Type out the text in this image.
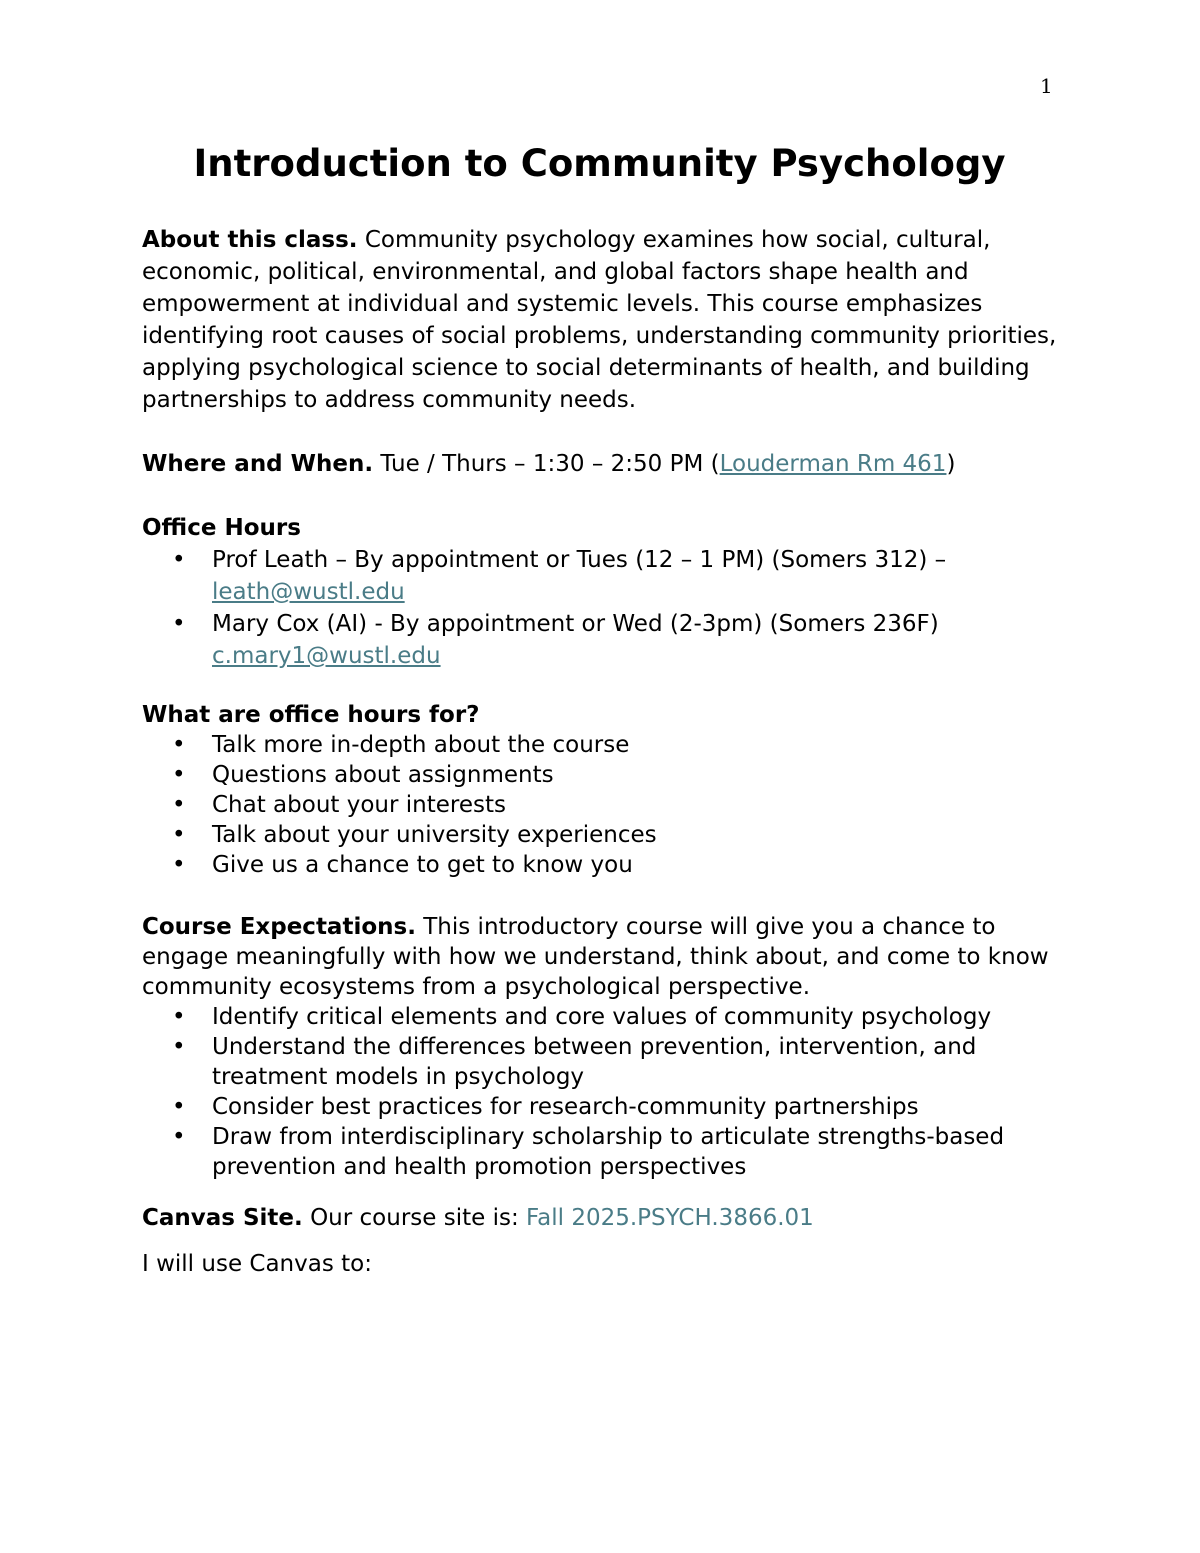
1
Introduction to Community Psychology

About this class. Community psychology examines how social, cultural, economic, political, environmental, and global factors shape health and empowerment at individual and systemic levels. This course emphasizes identifying root causes of social problems, understanding community priorities, applying psychological science to social determinants of health, and building partnerships to address community needs.

Where and When. Tue / Thurs – 1:30 – 2:50 PM (Louderman Rm 461)

Office Hours

• Prof Leath – By appointment or Tues (12 – 1 PM) (Somers 312) – leath@wustl.edu
• Mary Cox (AI) - By appointment or Wed (2-3pm) (Somers 236F) c.mary1@wustl.edu

What are office hours for?

• Talk more in-depth about the course
• Questions about assignments
• Chat about your interests
• Talk about your university experiences
• Give us a chance to get to know you

Course Expectations. This introductory course will give you a chance to engage meaningfully with how we understand, think about, and come to know community ecosystems from a psychological perspective.

• Identify critical elements and core values of community psychology
• Understand the differences between prevention, intervention, and treatment models in psychology
• Consider best practices for research-community partnerships
• Draw from interdisciplinary scholarship to articulate strengths-based prevention and health promotion perspectives

Canvas Site. Our course site is: Fall 2025.PSYCH.3866.01

I will use Canvas to:
